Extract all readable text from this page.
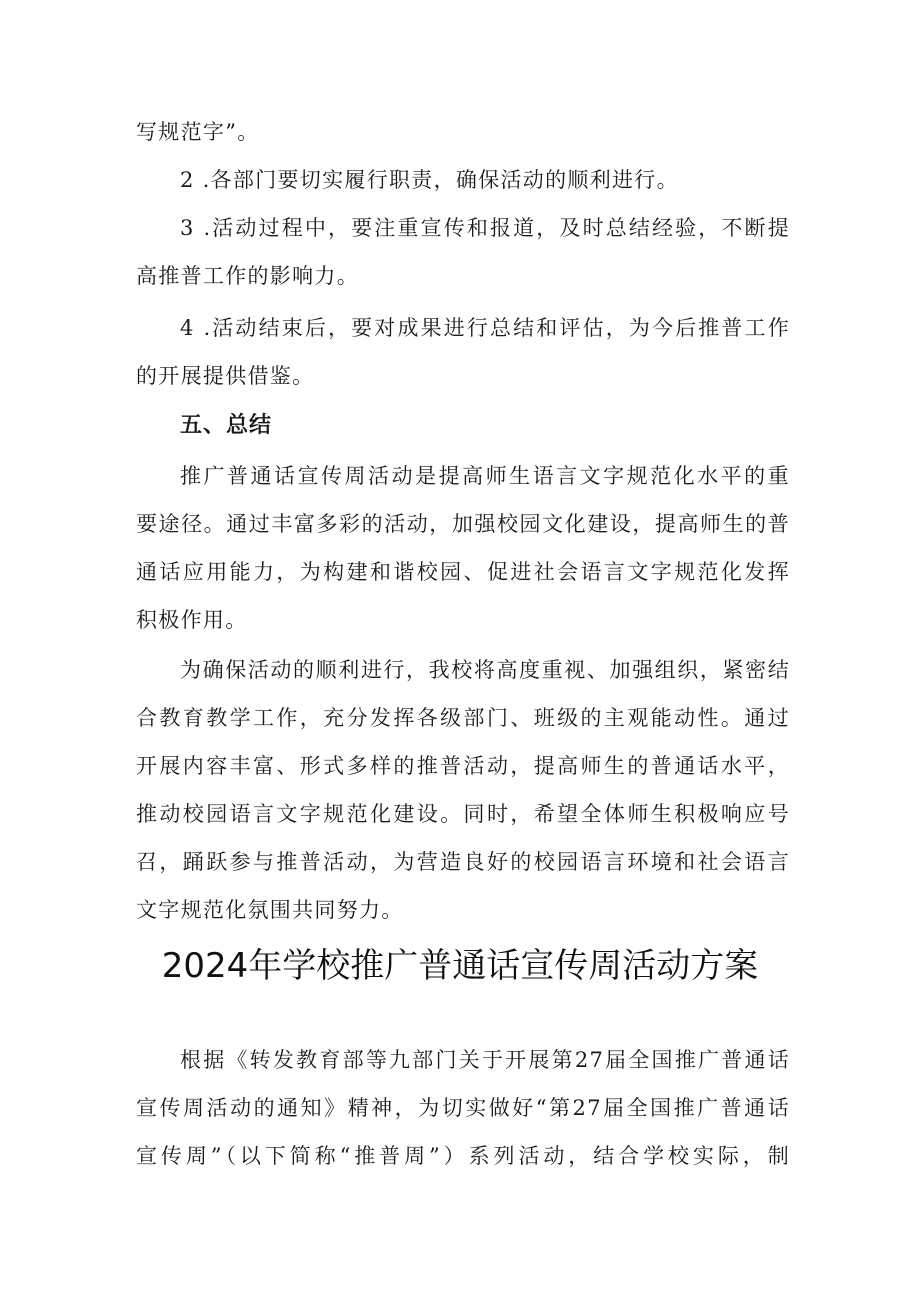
写规范字”。

2 .各部门要切实履行职责，确保活动的顺利进行。

3 .活动过程中，要注重宣传和报道，及时总结经验，不断提

高推普工作的影响力。

4 .活动结束后，要对成果进行总结和评估，为今后推普工作

的开展提供借鉴。

五、总结

推广普通话宣传周活动是提高师生语言文字规范化水平的重

要途径。通过丰富多彩的活动，加强校园文化建设，提高师生的普

通话应用能力，为构建和谐校园、促进社会语言文字规范化发挥

积极作用。

为确保活动的顺利进行，我校将高度重视、加强组织，紧密结

合教育教学工作，充分发挥各级部门、班级的主观能动性。通过

开展内容丰富、形式多样的推普活动，提高师生的普通话水平，

推动校园语言文字规范化建设。同时，希望全体师生积极响应号

召，踊跃参与推普活动，为营造良好的校园语言环境和社会语言

文字规范化氛围共同努力。

2024年学校推广普通话宣传周活动方案

根据《转发教育部等九部门关于开展第27届全国推广普通话

宣传周活动的通知》精神，为切实做好“第27届全国推广普通话

宣传周”（以下简称“推普周”）系列活动，结合学校实际，制
